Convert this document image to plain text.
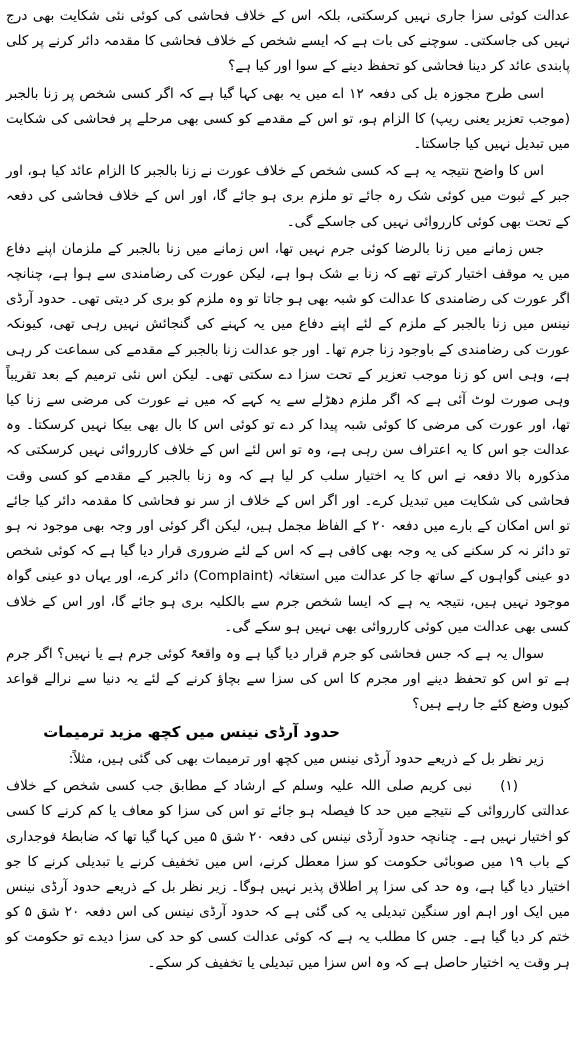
عدالت کوئی سزا جاری نہیں کرسکتی، بلکہ اس کے خلاف فحاشی کی کوئی نئی شکایت بھی درج نہیں کی جاسکتی۔ سوچنے کی بات ہے کہ ایسے شخص کے خلاف فحاشی کا مقدمہ دائر کرنے پر کلی پابندی عائد کر دینا فحاشی کو تحفظ دینے کے سوا اور کیا ہے؟

اسی طرح مجوزہ بل کی دفعہ ۱۲ اے میں یہ بھی کہا گیا ہے کہ اگر کسی شخص پر زنا بالجبر (موجب تعزیر یعنی ریپ) کا الزام ہو، تو اس کے مقدمے کو کسی بھی مرحلے پر فحاشی کی شکایت میں تبدیل نہیں کیا جاسکتا۔

اس کا واضح نتیجہ یہ ہے کہ کسی شخص کے خلاف عورت نے زنا بالجبر کا الزام عائد کیا ہو، اور جبر کے ثبوت میں کوئی شک رہ جائے تو ملزم بری ہو جائے گا، اور اس کے خلاف فحاشی کی دفعہ کے تحت بھی کوئی کارروائی نہیں کی جاسکے گی۔

جس زمانے میں زنا بالرضا کوئی جرم نہیں تھا، اس زمانے میں زنا بالجبر کے ملزمان اپنے دفاع میں یہ موقف اختیار کرتے تھے کہ زنا بے شک ہوا ہے، لیکن عورت کی رضامندی سے ہوا ہے، چنانچہ اگر عورت کی رضامندی کا عدالت کو شبہ بھی ہو جاتا تو وہ ملزم کو بری کر دیتی تھی۔ حدود آرڈی نینس میں زنا بالجبر کے ملزم کے لئے اپنے دفاع میں یہ کہنے کی گنجائش نہیں رہی تھی، کیونکہ عورت کی رضامندی کے باوجود زنا جرم تھا۔ اور جو عدالت زنا بالجبر کے مقدمے کی سماعت کر رہی ہے، وہی اس کو زنا موجب تعزیر کے تحت سزا دے سکتی تھی۔ لیکن اس نئی ترمیم کے بعد تقریباً وہی صورت لوٹ آئی ہے کہ اگر ملزم دھڑلے سے یہ کہے کہ میں نے عورت کی مرضی سے زنا کیا تھا، اور عورت کی مرضی کا کوئی شبہ پیدا کر دے تو کوئی اس کا بال بھی بیکا نہیں کرسکتا۔ وہ عدالت جو اس کا یہ اعتراف سن رہی ہے، وہ تو اس لئے اس کے خلاف کارروائی نہیں کرسکتی کہ مذکورہ بالا دفعہ نے اس کا یہ اختیار سلب کر لیا ہے کہ وہ زنا بالجبر کے مقدمے کو کسی وقت فحاشی کی شکایت میں تبدیل کرے۔ اور اگر اس کے خلاف از سر نو فحاشی کا مقدمہ دائر کیا جائے تو اس امکان کے بارے میں دفعہ ۲۰ کے الفاظ مجمل ہیں، لیکن اگر کوئی اور وجہ بھی موجود نہ ہو تو دائر نہ کر سکنے کی یہ وجہ بھی کافی ہے کہ اس کے لئے ضروری قرار دیا گیا ہے کہ کوئی شخص دو عینی گواہوں کے ساتھ جا کر عدالت میں استغاثہ (Complaint) دائر کرے، اور یہاں دو عینی گواہ موجود نہیں ہیں، نتیجہ یہ ہے کہ ایسا شخص جرم سے بالکلیہ بری ہو جائے گا، اور اس کے خلاف کسی بھی عدالت میں کوئی کارروائی بھی نہیں ہو سکے گی۔

سوال یہ ہے کہ جس فحاشی کو جرم قرار دیا گیا ہے وہ واقعۃً کوئی جرم ہے یا نہیں؟ اگر جرم ہے تو اس کو تحفظ دینے اور مجرم کا اس کی سزا سے بچاؤ کرنے کے لئے یہ دنیا سے نرالے قواعد کیوں وضع کئے جا رہے ہیں؟

حدود آرڈی نینس میں کچھ مزید ترمیمات

زیر نظر بل کے ذریعے حدود آرڈی نینس میں کچھ اور ترمیمات بھی کی گئی ہیں، مثلاً:

(۱)نبی کریم صلی اللہ علیہ وسلم کے ارشاد کے مطابق جب کسی شخص کے خلاف عدالتی کارروائی کے نتیجے میں حد کا فیصلہ ہو جائے تو اس کی سزا کو معاف یا کم کرنے کا کسی کو اختیار نہیں ہے۔ چنانچہ حدود آرڈی نینس کی دفعہ ۲۰ شق ۵ میں کہا گیا تھا کہ ضابطۂ فوجداری کے باب ۱۹ میں صوبائی حکومت کو سزا معطل کرنے، اس میں تخفیف کرنے یا تبدیلی کرنے کا جو اختیار دیا گیا ہے، وہ حد کی سزا پر اطلاق پذیر نہیں ہوگا۔ زیر نظر بل کے ذریعے حدود آرڈی نینس میں ایک اور اہم اور سنگین تبدیلی یہ کی گئی ہے کہ حدود آرڈی نینس کی اس دفعہ ۲۰ شق ۵ کو ختم کر دیا گیا ہے۔ جس کا مطلب یہ ہے کہ کوئی عدالت کسی کو حد کی سزا دیدے تو حکومت کو ہر وقت یہ اختیار حاصل ہے کہ وہ اس سزا میں تبدیلی یا تخفیف کر سکے۔
